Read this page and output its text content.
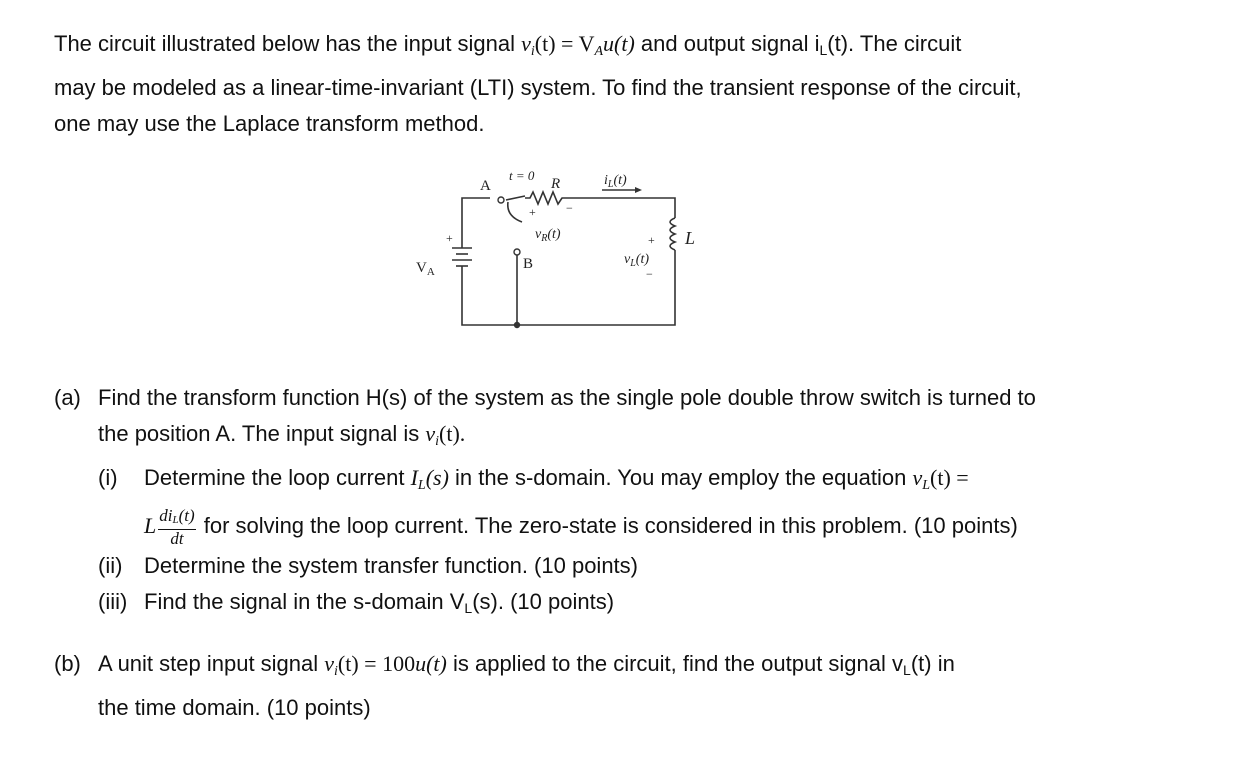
The circuit illustrated below has the input signal $v_i(t) = V_Au(t)$ and output signal $i_L(t)$. The circuit

may be modeled as a linear-time-invariant (LTI) system. To find the transient response of the circuit,

one may use the Laplace transform method.

A
t = 0
R	$i_L(t)$
+	−
$v_R(t)$
B
$V_A$
+	+
−
$v_L(t)$
L

(a) Find the transform function H(s) of the system as the single pole double throw switch is turned to

the position A. The input signal is $v_i(t)$.

(i) Determine the loop current $I_L(s)$ in the s-domain. You may employ the equation $v_L(t)$ =

L $\frac{di_L(t)}{dt}$ for solving the loop current. The zero-state is considered in this problem. (10 points)

(ii) Determine the system transfer function. (10 points)

(iii) Find the signal in the s-domain $V_L(s)$. (10 points)

(b) A unit step input signal $v_i(t) = 100u(t)$ is applied to the circuit, find the output signal $v_L(t)$ in

the time domain. (10 points)
